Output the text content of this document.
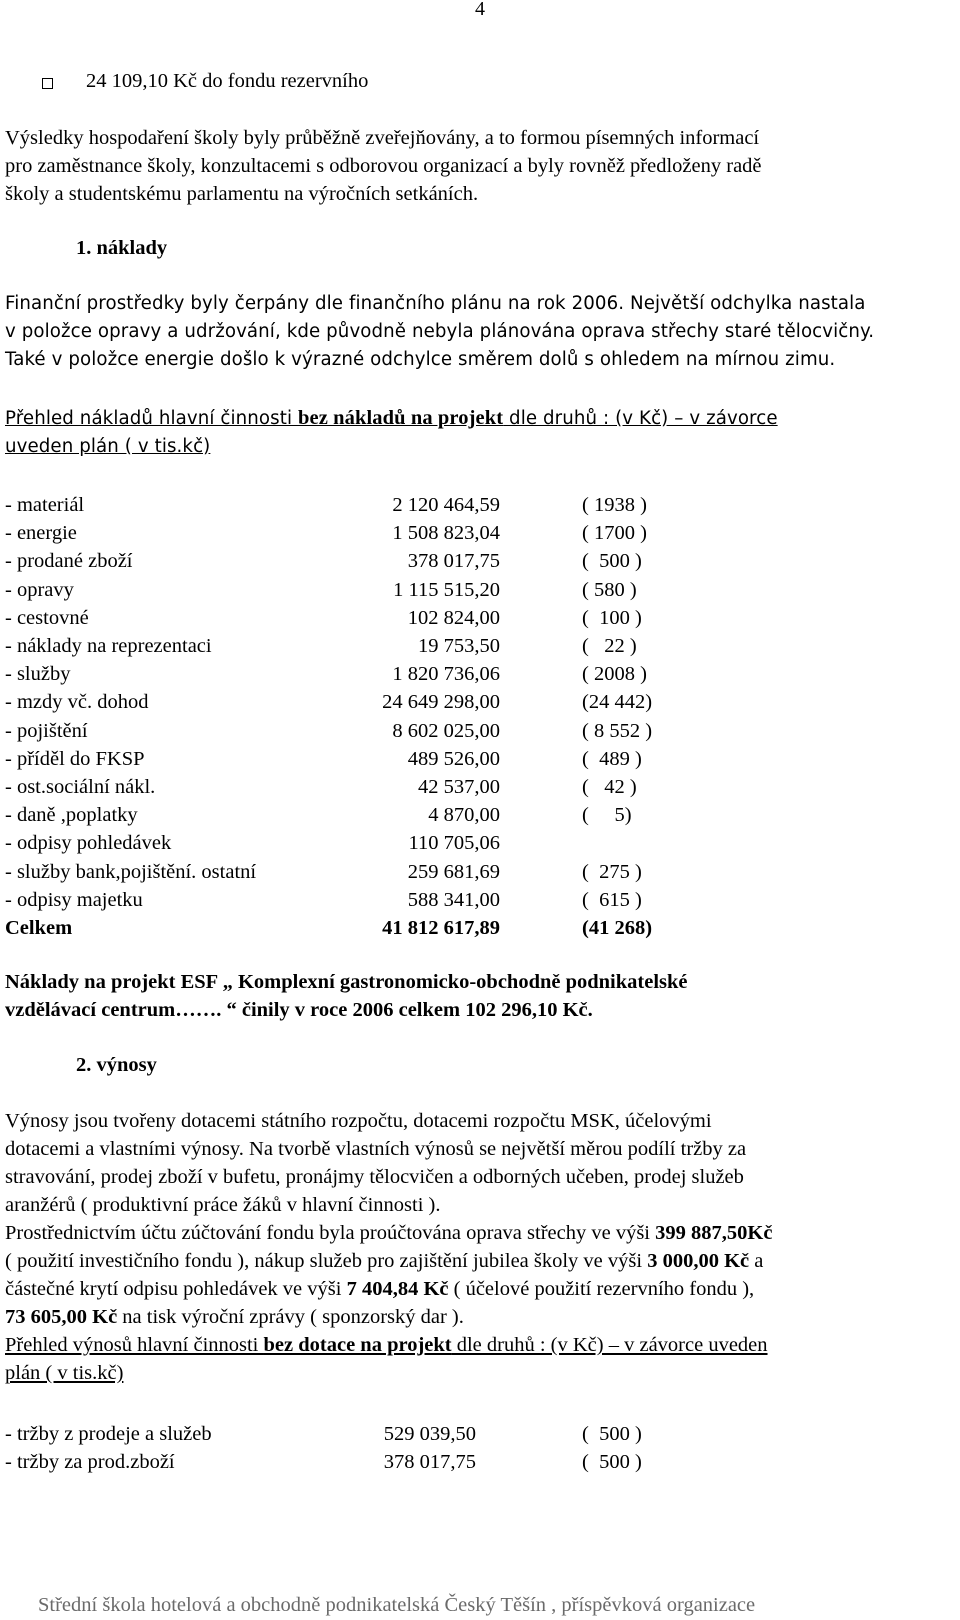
4
24 109,10 Kč do fondu rezervního
Výsledky hospodaření školy byly průběžně zveřejňovány, a to formou písemných informací
pro zaměstnance školy, konzultacemi s odborovou organizací a byly rovněž předloženy radě
školy a studentskému parlamentu na výročních setkáních.
1. náklady
Finanční prostředky byly čerpány dle finančního plánu na rok 2006. Největší odchylka nastala
v položce opravy a udržování, kde původně nebyla plánována oprava střechy staré tělocvičny.
Také v položce energie došlo k výrazné odchylce směrem dolů s ohledem na mírnou zimu.
Přehled nákladů hlavní činnosti bez nákladů na projekt dle druhů : (v Kč) – v závorce
uveden plán ( v tis.kč)
- materiál	2 120 464,59	( 1938 )
- energie	1 508 823,04	( 1700 )
- prodané zboží	378 017,75	(  500 )
- opravy	1 115 515,20	( 580 )
- cestovné	102 824,00	(  100 )
- náklady na reprezentaci	19 753,50	(   22 )
- služby	1 820 736,06	( 2008 )
- mzdy vč. dohod	24 649 298,00	(24 442)
- pojištění	8 602 025,00	( 8 552 )
- příděl do FKSP	489 526,00	(  489 )
- ost.sociální nákl.	42 537,00	(   42 )
- daně ,poplatky	4 870,00	(     5)
- odpisy pohledávek	110 705,06
- služby bank,pojištění. ostatní	259 681,69	(  275 )
- odpisy majetku	588 341,00	(  615 )
Celkem	41 812 617,89	(41 268)
Náklady na projekt ESF „ Komplexní gastronomicko-obchodně podnikatelské
vzdělávací centrum……. “ činily v roce 2006 celkem 102 296,10 Kč.
2. výnosy
Výnosy jsou tvořeny dotacemi státního rozpočtu, dotacemi rozpočtu MSK, účelovými
dotacemi a vlastními výnosy. Na tvorbě vlastních výnosů se největší měrou podílí tržby za
stravování, prodej zboží v bufetu, pronájmy tělocvičen a odborných učeben, prodej služeb
aranžérů ( produktivní práce žáků v hlavní činnosti ).
Prostřednictvím účtu zúčtování fondu byla proúčtována oprava střechy ve výši 399 887,50Kč
( použití investičního fondu ), nákup služeb pro zajištění jubilea školy ve výši 3 000,00 Kč a
částečné krytí odpisu pohledávek ve výši 7 404,84 Kč ( účelové použití rezervního fondu ),
73 605,00 Kč na tisk výroční zprávy ( sponzorský dar ).
Přehled výnosů hlavní činnosti bez dotace na projekt dle druhů : (v Kč) – v závorce uveden
plán ( v tis.kč)
- tržby z prodeje a služeb	529 039,50	(  500 )
- tržby za prod.zboží	378 017,75	(  500 )
Střední škola hotelová a obchodně podnikatelská Český Těšín , příspěvková organizace
